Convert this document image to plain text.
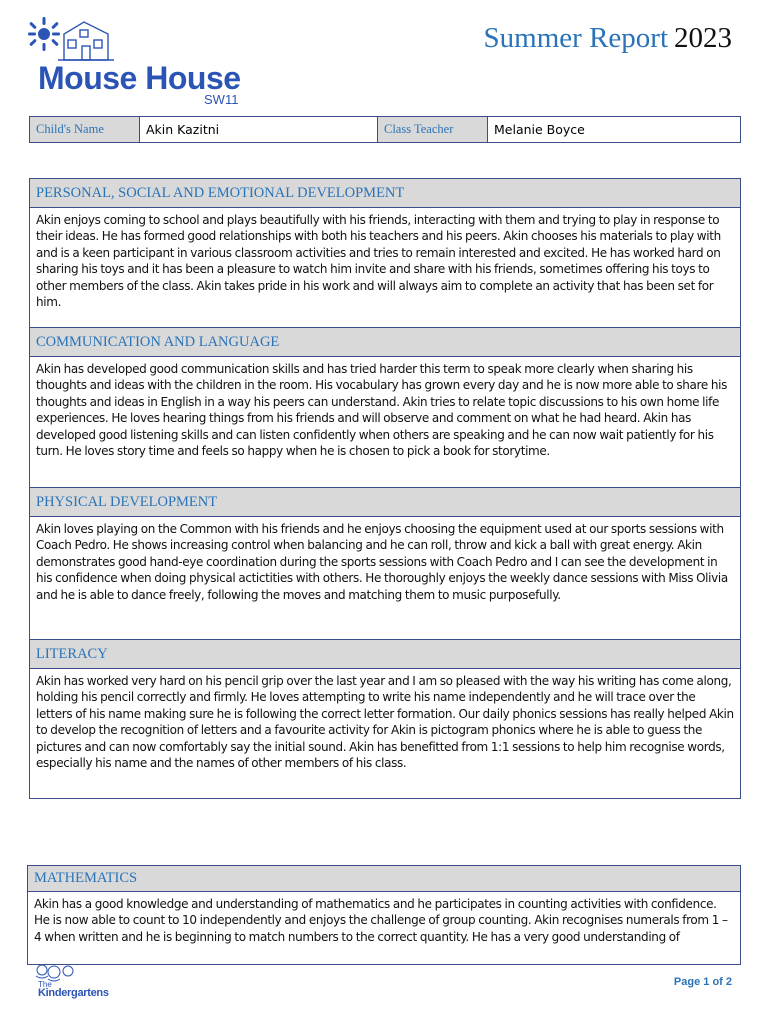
Mouse House
SW11
Summer Report 2023
Child's Name	Akin Kazitni	Class Teacher	Melanie Boyce
PERSONAL, SOCIAL AND EMOTIONAL DEVELOPMENT
Akin enjoys coming to school and plays beautifully with his friends, interacting with them and trying to play in response to their ideas. He has formed good relationships with both his teachers and his peers. Akin chooses his materials to play with and is a keen participant in various classroom activities and tries to remain interested and excited. He has worked hard on sharing his toys and it has been a pleasure to watch him invite and share with his friends, sometimes offering his toys to other members of the class. Akin takes pride in his work and will always aim to complete an activity that has been set for him.
COMMUNICATION AND LANGUAGE
Akin has developed good communication skills and has tried harder this term to speak more clearly when sharing his thoughts and ideas with the children in the room. His vocabulary has grown every day and he is now more able to share his thoughts and ideas in English in a way his peers can understand. Akin tries to relate topic discussions to his own home life experiences. He loves hearing things from his friends and will observe and comment on what he had heard. Akin has developed good listening skills and can listen confidently when others are speaking and he can now wait patiently for his turn. He loves story time and feels so happy when he is chosen to pick a book for storytime.
PHYSICAL DEVELOPMENT
Akin loves playing on the Common with his friends and he enjoys choosing the equipment used at our sports sessions with Coach Pedro. He shows increasing control when balancing and he can roll, throw and kick a ball with great energy. Akin demonstrates good hand-eye coordination during the sports sessions with Coach Pedro and I can see the development in his confidence when doing physical actictities with others. He thoroughly enjoys the weekly dance sessions with Miss Olivia and he is able to dance freely, following the moves and matching them to music purposefully.
LITERACY
Akin has worked very hard on his pencil grip over the last year and I am so pleased with the way his writing has come along, holding his pencil correctly and firmly. He loves attempting to write his name independently and he will trace over the letters of his name making sure he is following the correct letter formation. Our daily phonics sessions has really helped Akin to develop the recognition of letters and a favourite activity for Akin is pictogram phonics where he is able to guess the pictures and can now comfortably say the initial sound. Akin has benefitted from 1:1 sessions to help him recognise words, especially his name and the names of other members of his class.
MATHEMATICS
Akin has a good knowledge and understanding of mathematics and he participates in counting activities with confidence. He is now able to count to 10 independently and enjoys the challenge of group counting. Akin recognises numerals from 1 – 4 when written and he is beginning to match numbers to the correct quantity. He has a very good understanding of
The
Kindergartens
Page 1 of 2
